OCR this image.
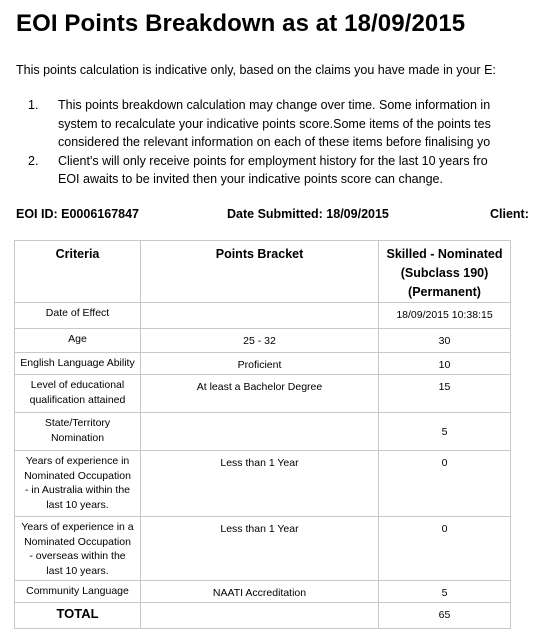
EOI Points Breakdown as at 18/09/2015
This points calculation is indicative only, based on the claims you have made in your E:
1.	This points breakdown calculation may change over time. Some information in
system to recalculate your indicative points score.Some items of the points tes
considered the relevant information on each of these items before finalising yo
2.	Client's will only receive points for employment history for the last 10 years fro
EOI awaits to be invited then your indicative points score can change.
EOI ID: E0006167847	Date Submitted: 18/09/2015	Client:
Criteria	Points Bracket	Skilled - Nominated
(Subclass 190)
(Permanent)

Date of Effect		18/09/2015 10:38:15

Age	25 - 32	30

English Language Ability	Proficient	10

Level of educational
qualification attained	At least a Bachelor Degree	15

State/Territory
Nomination		5

Years of experience in
Nominated Occupation
- in Australia within the
last 10 years.	Less than 1 Year	0

Years of experience in a
Nominated Occupation
- overseas within the
last 10 years.	Less than 1 Year	0

Community Language	NAATI Accreditation	5
TOTAL		65
